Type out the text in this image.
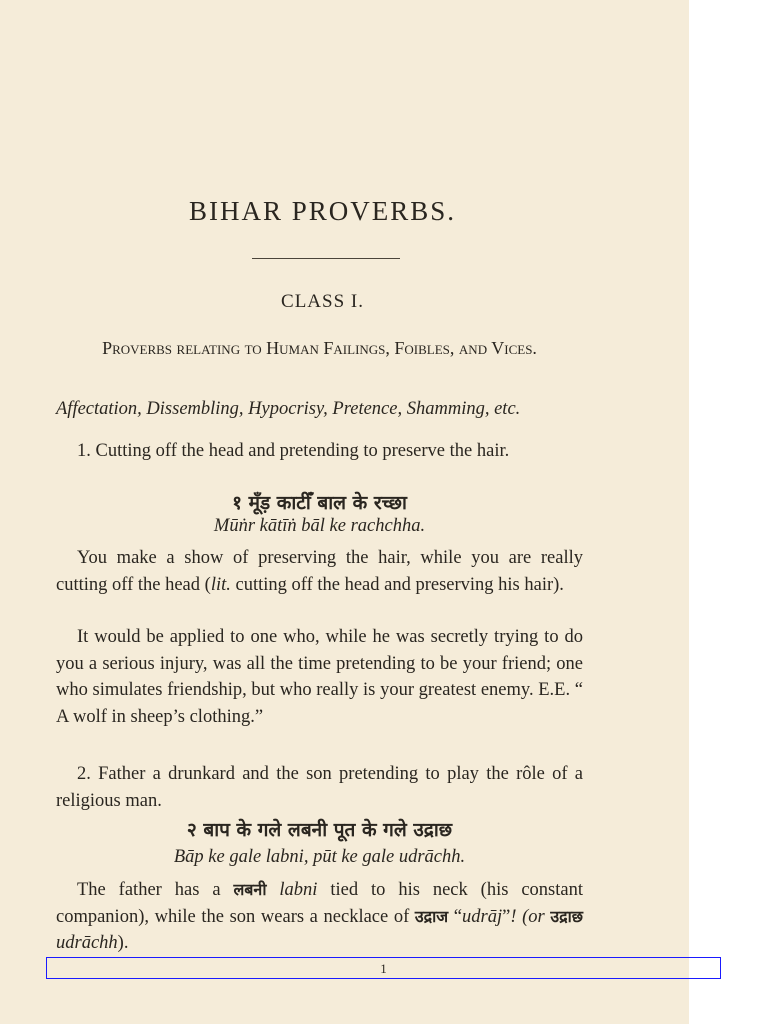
BIHAR PROVERBS.
CLASS I.
Proverbs relating to Human Failings, Foibles, and Vices.
Affectation, Dissembling, Hypocrisy, Pretence, Shamming, etc.
1. Cutting off the head and pretending to preserve the hair.
१ मूँड़ काटीँ बाल के रच्छा
Mūṅr kātīṅ bāl ke rachchha.
You make a show of preserving the hair, while you are really cutting off the head (lit. cutting off the head and preserving his hair).
It would be applied to one who, while he was secretly trying to do you a serious injury, was all the time pretending to be your friend; one who simulates friendship, but who really is your greatest enemy. E.E. “ A wolf in sheep’s clothing.”
2. Father a drunkard and the son pretending to play the rôle of a religious man.
२ बाप के गले लबनी पूत के गले उद्राछ
Bāp ke gale labni, pūt ke gale udrāchh.
The father has a लबनी labni tied to his neck (his constant companion), while the son wears a necklace of उद्राज “udrāj”! (or उद्राछ udrāchh).
1
